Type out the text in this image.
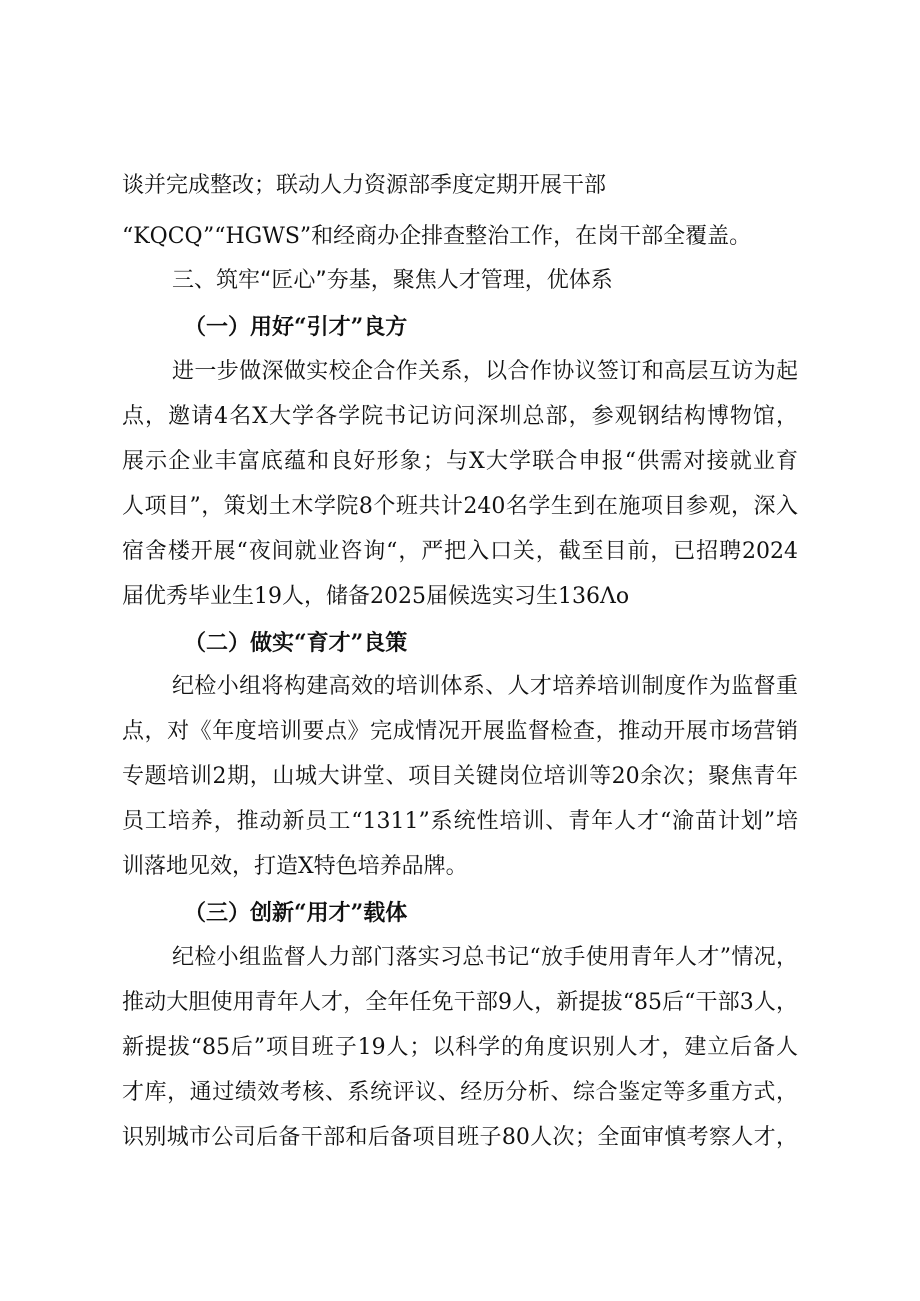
谈并完成整改；联动人力资源部季度定期开展干部
“KQCQ”“HGWS”和经商办企排查整治工作，在岗干部全覆盖。
三、筑牢“匠心”夯基，聚焦人才管理，优体系
（一）用好“引才”良方
进一步做深做实校企合作关系，以合作协议签订和高层互访为起
点，邀请4名X大学各学院书记访问深圳总部，参观钢结构博物馆，
展示企业丰富底蕴和良好形象；与X大学联合申报“供需对接就业育
人项目”，策划土木学院8个班共计240名学生到在施项目参观，深入
宿舍楼开展“夜间就业咨询“，严把入口关，截至目前，已招聘2024
届优秀毕业生19人，储备2025届候选实习生136Λo
（二）做实“育才”良策
纪检小组将构建高效的培训体系、人才培养培训制度作为监督重
点，对《年度培训要点》完成情况开展监督检查，推动开展市场营销
专题培训2期，山城大讲堂、项目关键岗位培训等20余次；聚焦青年
员工培养，推动新员工“1311”系统性培训、青年人才“渝苗计划”培
训落地见效，打造X特色培养品牌。
（三）创新“用才”载体
纪检小组监督人力部门落实习总书记“放手使用青年人才”情况，
推动大胆使用青年人才，全年任免干部9人，新提拔“85后“干部3人，
新提拔“85后”项目班子19人；以科学的角度识别人才，建立后备人
才库，通过绩效考核、系统评议、经历分析、综合鉴定等多重方式，
识别城市公司后备干部和后备项目班子80人次；全面审慎考察人才，
